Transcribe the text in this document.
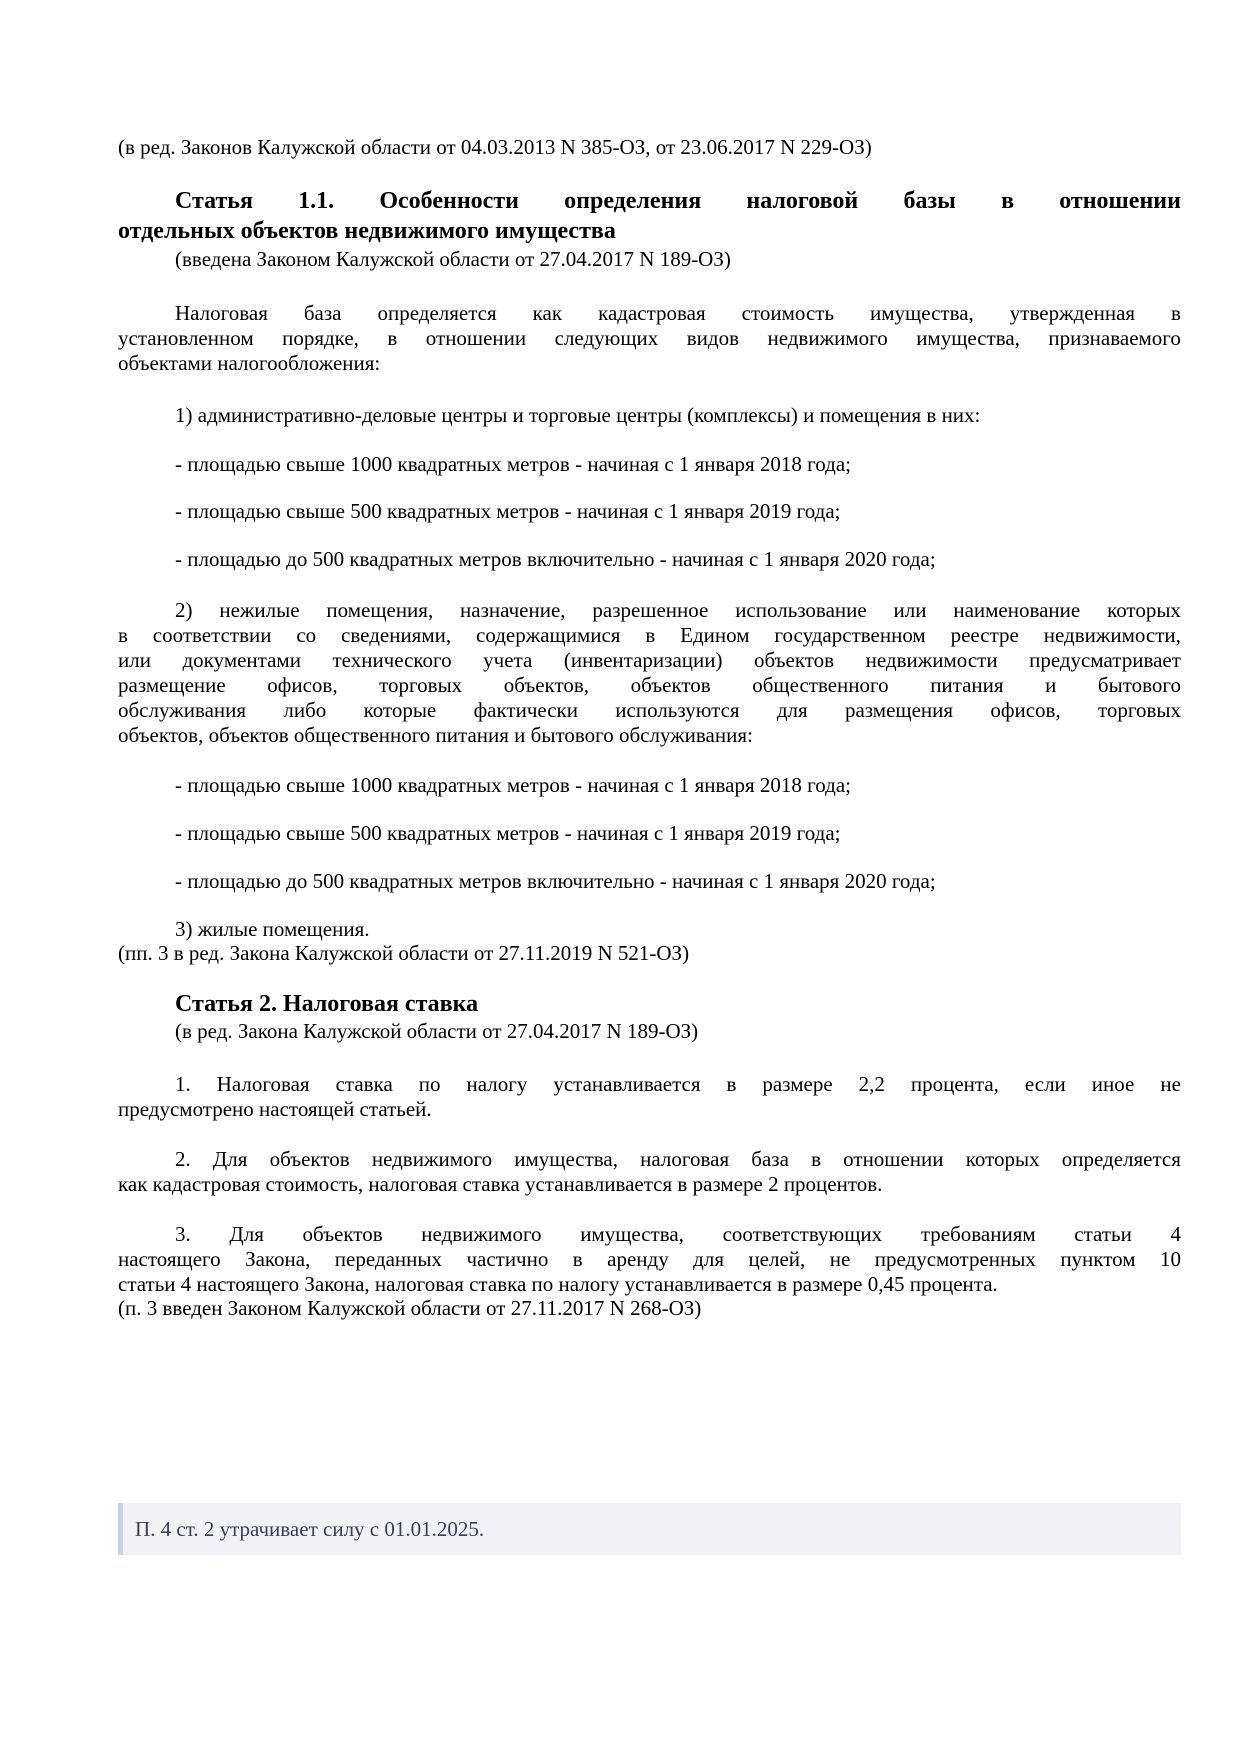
(в ред. Законов Калужской области от 04.03.2013 N 385-ОЗ, от 23.06.2017 N 229-ОЗ)
Статья 1.1. Особенности определения налоговой базы в отношении
отдельных объектов недвижимого имущества
(введена Законом Калужской области от 27.04.2017 N 189-ОЗ)
Налоговая база определяется как кадастровая стоимость имущества, утвержденная в
установленном порядке, в отношении следующих видов недвижимого имущества, признаваемого
объектами налогообложения:
1) административно-деловые центры и торговые центры (комплексы) и помещения в них:
- площадью свыше 1000 квадратных метров - начиная с 1 января 2018 года;
- площадью свыше 500 квадратных метров - начиная с 1 января 2019 года;
- площадью до 500 квадратных метров включительно - начиная с 1 января 2020 года;
2) нежилые помещения, назначение, разрешенное использование или наименование которых
в соответствии со сведениями, содержащимися в Едином государственном реестре недвижимости,
или документами технического учета (инвентаризации) объектов недвижимости предусматривает
размещение офисов, торговых объектов, объектов общественного питания и бытового
обслуживания либо которые фактически используются для размещения офисов, торговых
объектов, объектов общественного питания и бытового обслуживания:
- площадью свыше 1000 квадратных метров - начиная с 1 января 2018 года;
- площадью свыше 500 квадратных метров - начиная с 1 января 2019 года;
- площадью до 500 квадратных метров включительно - начиная с 1 января 2020 года;
3) жилые помещения.
(пп. 3 в ред. Закона Калужской области от 27.11.2019 N 521-ОЗ)
Статья 2. Налоговая ставка
(в ред. Закона Калужской области от 27.04.2017 N 189-ОЗ)
1. Налоговая ставка по налогу устанавливается в размере 2,2 процента, если иное не
предусмотрено настоящей статьей.
2. Для объектов недвижимого имущества, налоговая база в отношении которых определяется
как кадастровая стоимость, налоговая ставка устанавливается в размере 2 процентов.
3. Для объектов недвижимого имущества, соответствующих требованиям статьи 4
настоящего Закона, переданных частично в аренду для целей, не предусмотренных пунктом 10
статьи 4 настоящего Закона, налоговая ставка по налогу устанавливается в размере 0,45 процента.
(п. 3 введен Законом Калужской области от 27.11.2017 N 268-ОЗ)
П. 4 ст. 2 утрачивает силу с 01.01.2025.
